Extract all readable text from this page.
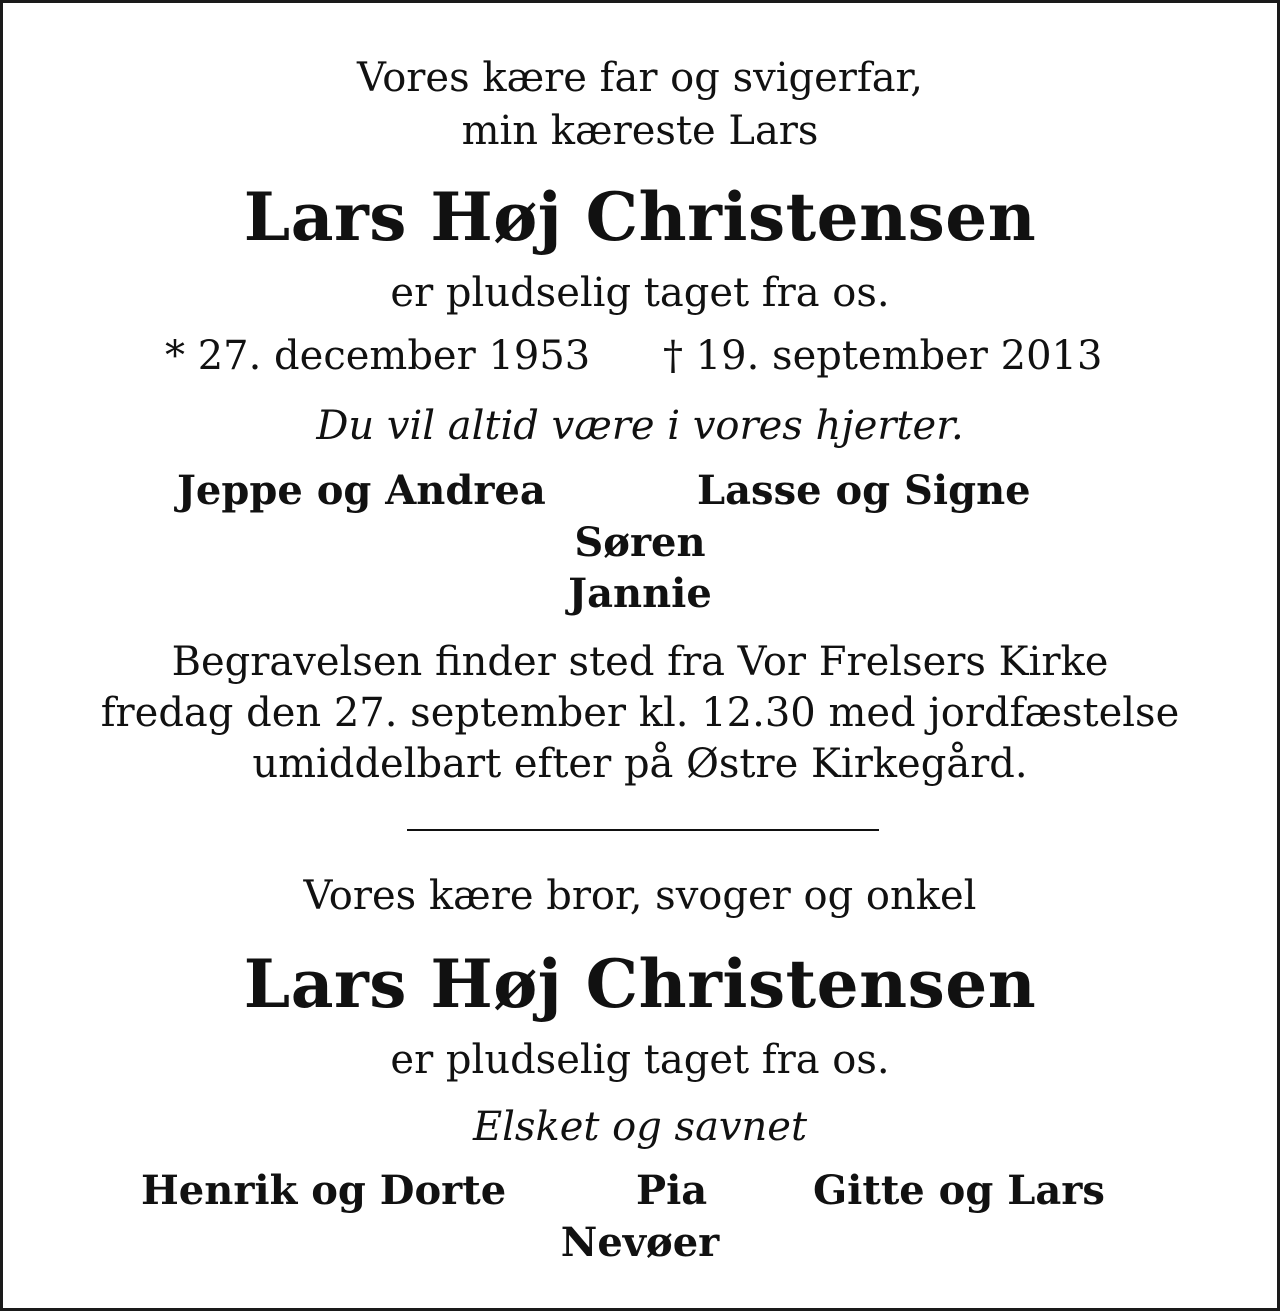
Vores kære far og svigerfar,

min kæreste Lars

Lars Høj Christensen

er pludselig taget fra os.

* 27. december 1953 † 19. september 2013

Du vil altid være i vores hjerter.

Jeppe og Andrea	Lasse og Signe

Søren

Jannie

Begravelsen finder sted fra Vor Frelsers Kirke

fredag den 27. september kl. 12.30 med jordfæstelse

umiddelbart efter på Østre Kirkegård.

Vores kære bror, svoger og onkel

Lars Høj Christensen

er pludselig taget fra os.

Elsket og savnet

Henrik og Dorte	Pia	Gitte og Lars

Nevøer
